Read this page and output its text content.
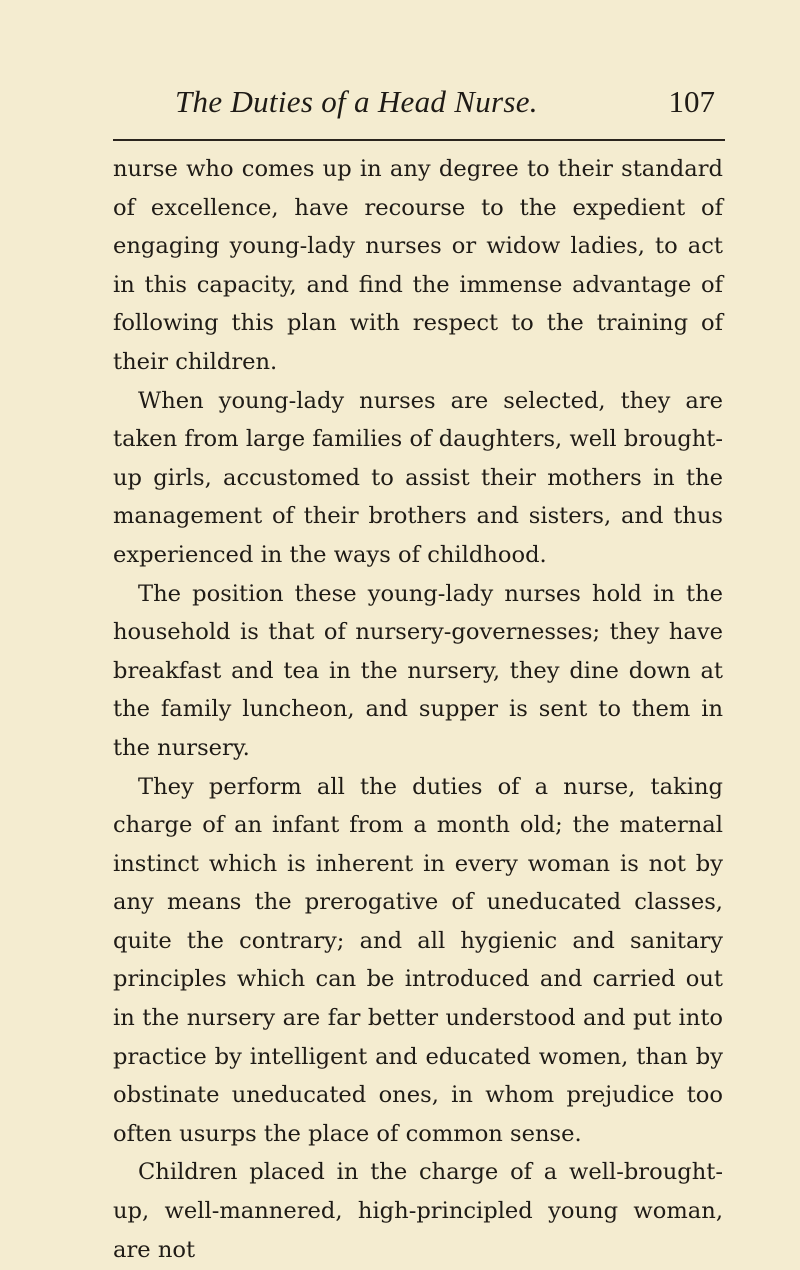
The Duties of a Head Nurse.	107

nurse who comes up in any degree to their standard of excellence, have recourse to the expedient of engaging young-lady nurses or widow ladies, to act in this capacity, and find the immense advantage of following this plan with respect to the training of their children.

When young-lady nurses are selected, they are taken from large families of daughters, well brought-up girls, accustomed to assist their mothers in the management of their brothers and sisters, and thus experienced in the ways of childhood.

The position these young-lady nurses hold in the household is that of nursery-governesses; they have breakfast and tea in the nursery, they dine down at the family luncheon, and supper is sent to them in the nursery.

They perform all the duties of a nurse, taking charge of an infant from a month old; the maternal instinct which is inherent in every woman is not by any means the prerogative of uneducated classes, quite the contrary; and all hygienic and sanitary principles which can be introduced and carried out in the nursery are far better understood and put into practice by intelligent and educated women, than by obstinate uneducated ones, in whom prejudice too often usurps the place of common sense.

Children placed in the charge of a well-brought-up, well-mannered, high-principled young woman, are not
